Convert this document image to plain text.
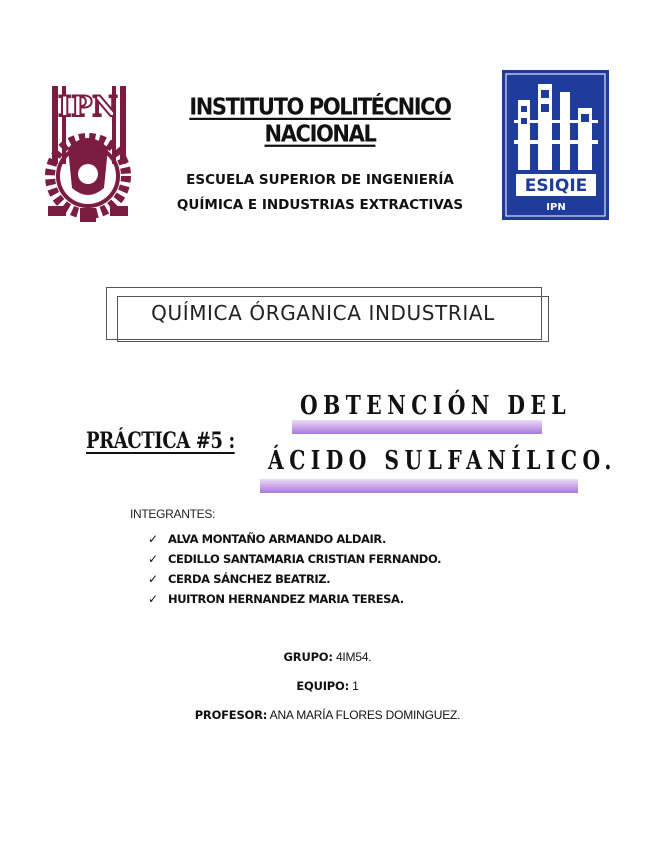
IPN
ESIQIE
IPN
INSTITUTO POLITÉCNICO NACIONAL
ESCUELA SUPERIOR DE INGENIERÍA
QUÍMICA E INDUSTRIAS EXTRACTIVAS
QUÍMICA ÓRGANICA INDUSTRIAL
PRÁCTICA #5 :
OBTENCIÓN DEL
ÁCIDO SULFANÍLICO.
INTEGRANTES:
✓ ALVA MONTAÑO ARMANDO ALDAIR.
✓ CEDILLO SANTAMARIA CRISTIAN FERNANDO.
✓ CERDA SÁNCHEZ BEATRIZ.
✓ HUITRON HERNANDEZ MARIA TERESA.
GRUPO: 4IM54.
EQUIPO: 1
PROFESOR: ANA MARÍA FLORES DOMINGUEZ.
